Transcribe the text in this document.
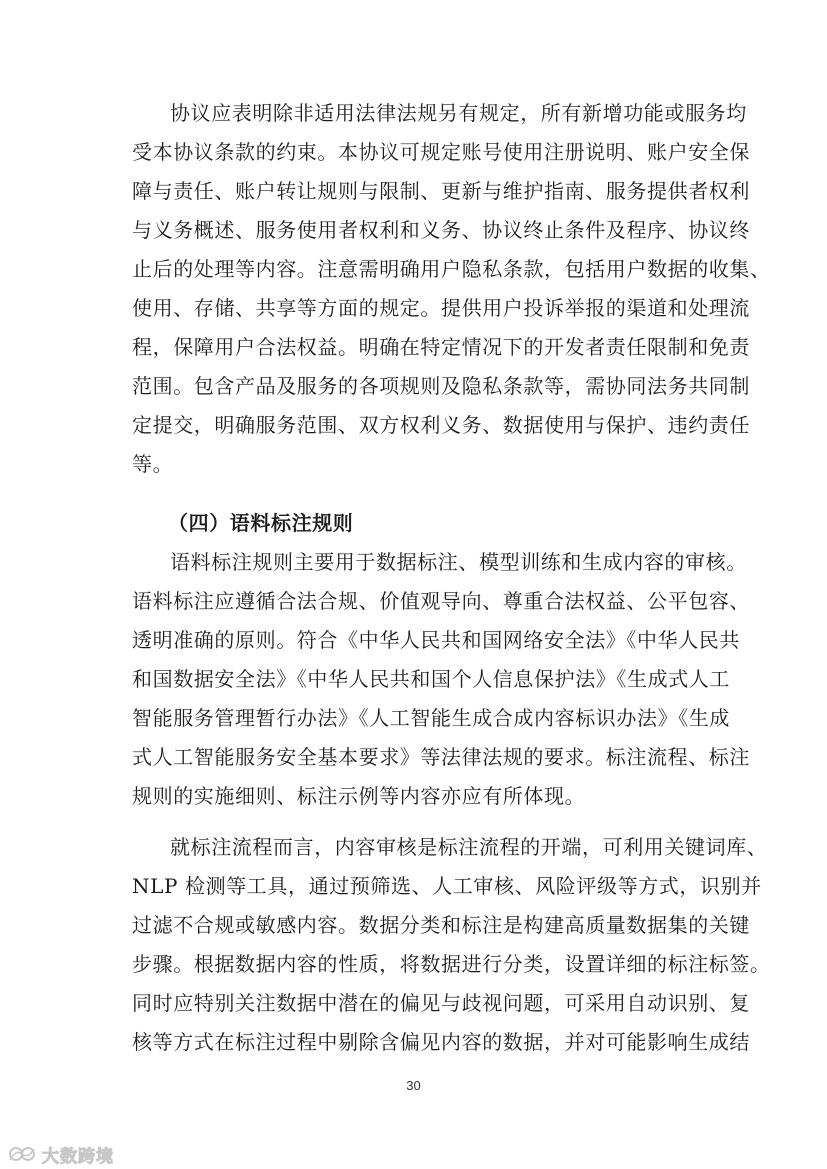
协议应表明除非适用法律法规另有规定，所有新增功能或服务均
受本协议条款的约束。本协议可规定账号使用注册说明、账户安全保
障与责任、账户转让规则与限制、更新与维护指南、服务提供者权利
与义务概述、服务使用者权利和义务、协议终止条件及程序、协议终
止后的处理等内容。注意需明确用户隐私条款，包括用户数据的收集、
使用、存储、共享等方面的规定。提供用户投诉举报的渠道和处理流
程，保障用户合法权益。明确在特定情况下的开发者责任限制和免责
范围。包含产品及服务的各项规则及隐私条款等，需协同法务共同制
定提交，明确服务范围、双方权利义务、数据使用与保护、违约责任
等。
（四）语料标注规则
语料标注规则主要用于数据标注、模型训练和生成内容的审核。
语料标注应遵循合法合规、价值观导向、尊重合法权益、公平包容、
透明准确的原则。符合《中华人民共和国网络安全法》《中华人民共
和国数据安全法》《中华人民共和国个人信息保护法》《生成式人工
智能服务管理暂行办法》《人工智能生成合成内容标识办法》《生成
式人工智能服务安全基本要求》等法律法规的要求。标注流程、标注
规则的实施细则、标注示例等内容亦应有所体现。
就标注流程而言，内容审核是标注流程的开端，可利用关键词库、
NLP 检测等工具，通过预筛选、人工审核、风险评级等方式，识别并
过滤不合规或敏感内容。数据分类和标注是构建高质量数据集的关键
步骤。根据数据内容的性质，将数据进行分类，设置详细的标注标签。
同时应特别关注数据中潜在的偏见与歧视问题，可采用自动识别、复
核等方式在标注过程中剔除含偏见内容的数据，并对可能影响生成结
30
大数跨境
